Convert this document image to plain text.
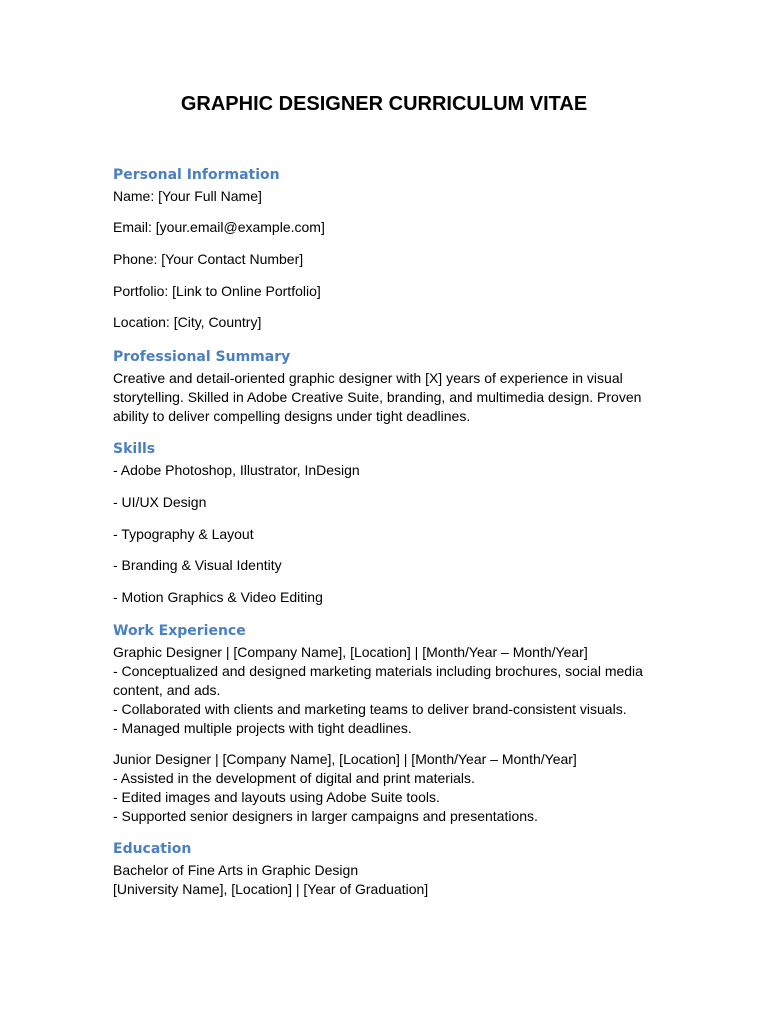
GRAPHIC DESIGNER CURRICULUM VITAE
Personal Information
Name: [Your Full Name]
Email: [your.email@example.com]
Phone: [Your Contact Number]
Portfolio: [Link to Online Portfolio]
Location: [City, Country]
Professional Summary
Creative and detail-oriented graphic designer with [X] years of experience in visual
storytelling. Skilled in Adobe Creative Suite, branding, and multimedia design. Proven
ability to deliver compelling designs under tight deadlines.
Skills
- Adobe Photoshop, Illustrator, InDesign
- UI/UX Design
- Typography & Layout
- Branding & Visual Identity
- Motion Graphics & Video Editing
Work Experience
Graphic Designer | [Company Name], [Location] | [Month/Year – Month/Year]
- Conceptualized and designed marketing materials including brochures, social media
content, and ads.
- Collaborated with clients and marketing teams to deliver brand-consistent visuals.
- Managed multiple projects with tight deadlines.
Junior Designer | [Company Name], [Location] | [Month/Year – Month/Year]
- Assisted in the development of digital and print materials.
- Edited images and layouts using Adobe Suite tools.
- Supported senior designers in larger campaigns and presentations.
Education
Bachelor of Fine Arts in Graphic Design
[University Name], [Location] | [Year of Graduation]
